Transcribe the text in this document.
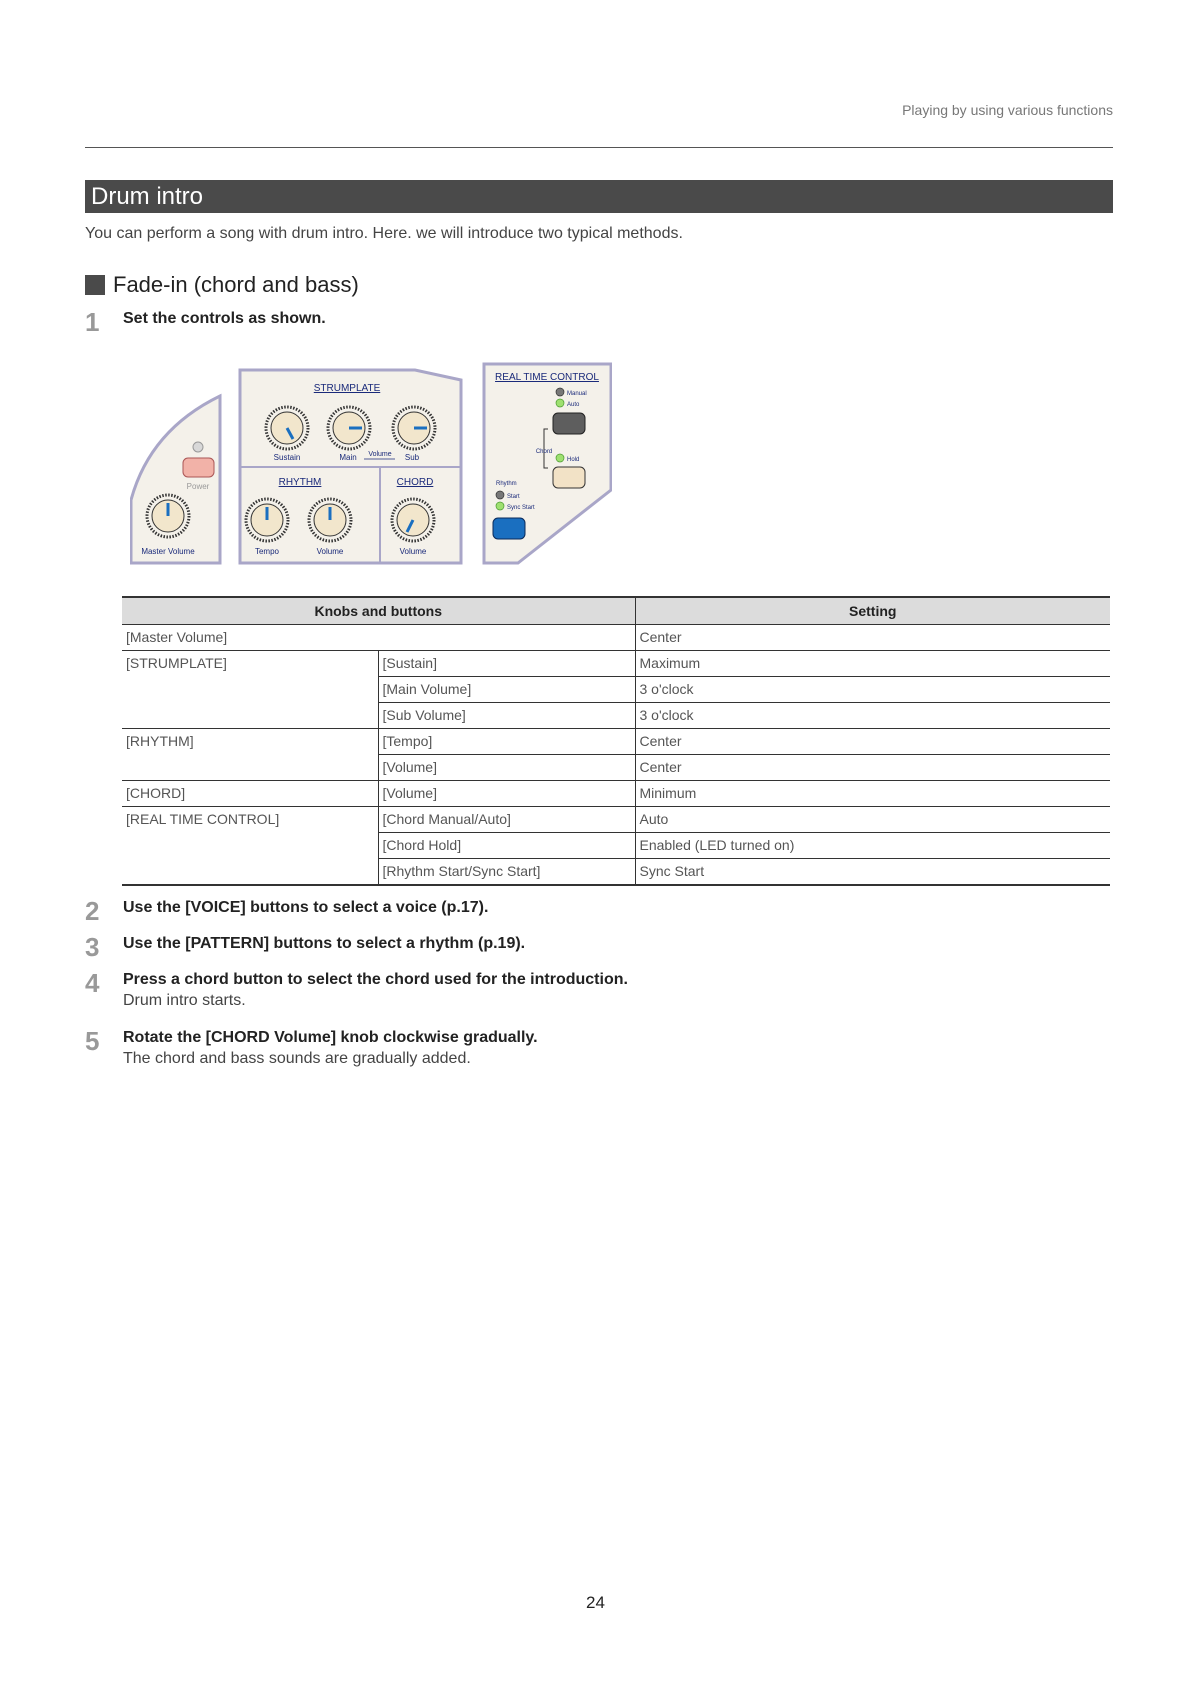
Playing by using various functions
Drum intro
You can perform a song with drum intro. Here. we will introduce two typical methods.
Fade-in (chord and bass)
1	Set the controls as shown.
Power
Master Volume
STRUMPLATE
Sustain	Main Volume Sub
RHYTHM	CHORD
Tempo	Volume	Volume
REAL TIME CONTROL
Manual
Auto
Chord
Hold
Rhythm
Start
Sync Start
Knobs and buttons		Setting
[Master Volume]		Center
[STRUMPLATE]	[Sustain]	Maximum
	[Main Volume]	3 o'clock
	[Sub Volume]	3 o'clock
[RHYTHM]	[Tempo]	Center
	[Volume]	Center
[CHORD]	[Volume]	Minimum
[REAL TIME CONTROL]	[Chord Manual/Auto]	Auto
	[Chord Hold]	Enabled (LED turned on)
	[Rhythm Start/Sync Start]	Sync Start
2	Use the [VOICE] buttons to select a voice (p.17).
3	Use the [PATTERN] buttons to select a rhythm (p.19).
4	Press a chord button to select the chord used for the introduction.
Drum intro starts.
5	Rotate the [CHORD Volume] knob clockwise gradually.
The chord and bass sounds are gradually added.
24
